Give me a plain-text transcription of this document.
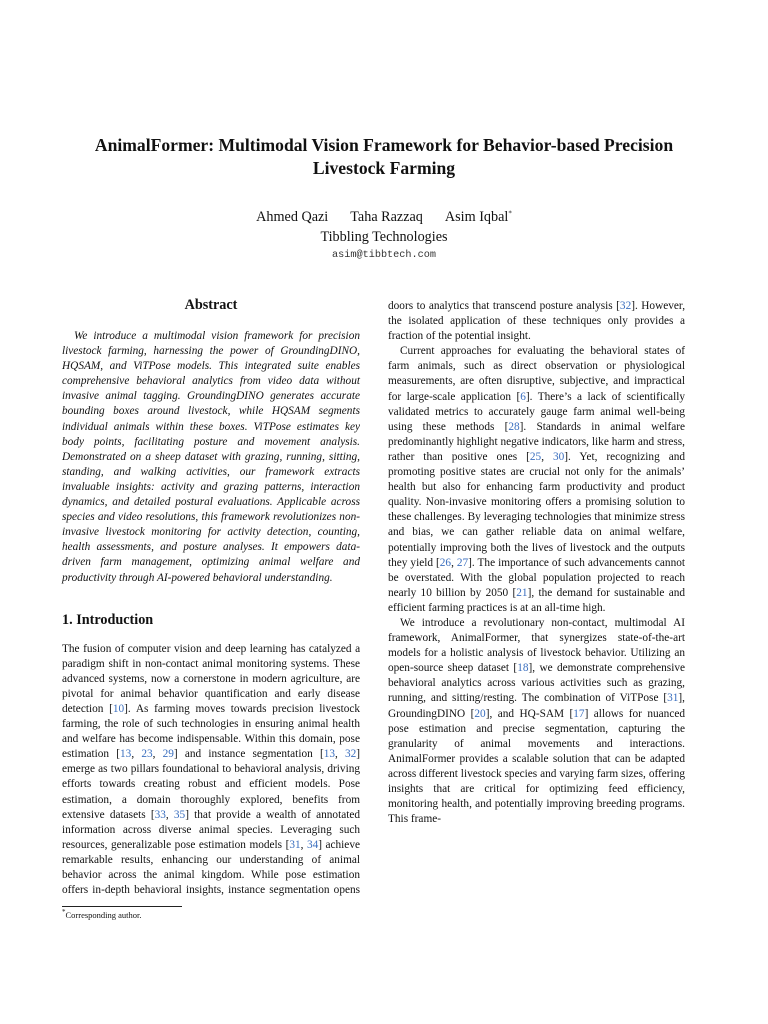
AnimalFormer: Multimodal Vision Framework for Behavior-based Precision
Livestock Farming
Ahmed Qazi Taha Razzaq Asim Iqbal*
Tibbling Technologies
asim@tibbtech.com
Abstract

We introduce a multimodal vision framework for precision livestock farming, harnessing the power of GroundingDINO, HQSAM, and ViTPose models. This integrated suite enables comprehensive behavioral analytics from video data without invasive animal tagging. GroundingDINO generates accurate bounding boxes around livestock, while HQSAM segments individual animals within these boxes. ViTPose estimates key body points, facilitating posture and movement analysis. Demonstrated on a sheep dataset with grazing, running, sitting, standing, and walking activities, our framework extracts invaluable insights: activity and grazing patterns, interaction dynamics, and detailed postural evaluations. Applicable across species and video resolutions, this framework revolutionizes non-invasive livestock monitoring for activity detection, counting, health assessments, and posture analyses. It empowers data-driven farm management, optimizing animal welfare and productivity through AI-powered behavioral understanding.

1. Introduction

The fusion of computer vision and deep learning has catalyzed a paradigm shift in non-contact animal monitoring systems. These advanced systems, now a cornerstone in modern agriculture, are pivotal for animal behavior quantification and early disease detection [10]. As farming moves towards precision livestock farming, the role of such technologies in ensuring animal health and welfare has become indispensable. Within this domain, pose estimation [13, 23, 29] and instance segmentation [13, 32] emerge as two pillars foundational to behavioral analysis, driving efforts towards creating robust and efficient models. Pose estimation, a domain thoroughly explored, benefits from extensive datasets [33, 35] that provide a wealth of annotated information across diverse animal species. Leveraging such resources, generalizable pose estimation models [31, 34] achieve remarkable results, enhancing our understanding of animal behavior across the animal kingdom. While pose estimation offers in-depth behavioral insights, instance segmentation opens

doors to analytics that transcend posture analysis [32]. However, the isolated application of these techniques only provides a fraction of the potential insight.

Current approaches for evaluating the behavioral states of farm animals, such as direct observation or physiological measurements, are often disruptive, subjective, and impractical for large-scale application [6]. There’s a lack of scientifically validated metrics to accurately gauge farm animal well-being using these methods [28]. Standards in animal welfare predominantly highlight negative indicators, like harm and stress, rather than positive ones [25, 30]. Yet, recognizing and promoting positive states are crucial not only for the animals’ health but also for enhancing farm productivity and product quality. Non-invasive monitoring offers a promising solution to these challenges. By leveraging technologies that minimize stress and bias, we can gather reliable data on animal welfare, potentially improving both the lives of livestock and the outputs they yield [26, 27]. The importance of such advancements cannot be overstated. With the global population projected to reach nearly 10 billion by 2050 [21], the demand for sustainable and efficient farming practices is at an all-time high.

We introduce a revolutionary non-contact, multimodal AI framework, AnimalFormer, that synergizes state-of-the-art models for a holistic analysis of livestock behavior. Utilizing an open-source sheep dataset [18], we demonstrate comprehensive behavioral analytics across various activities such as grazing, running, and sitting/resting. The combination of ViTPose [31], GroundingDINO [20], and HQ-SAM [17] allows for nuanced pose estimation and precise segmentation, capturing the granularity of animal movements and interactions. AnimalFormer provides a scalable solution that can be adapted across different livestock species and varying farm sizes, offering insights that are critical for optimizing feed efficiency, monitoring health, and potentially improving breeding programs. This frame-

*Corresponding author.
